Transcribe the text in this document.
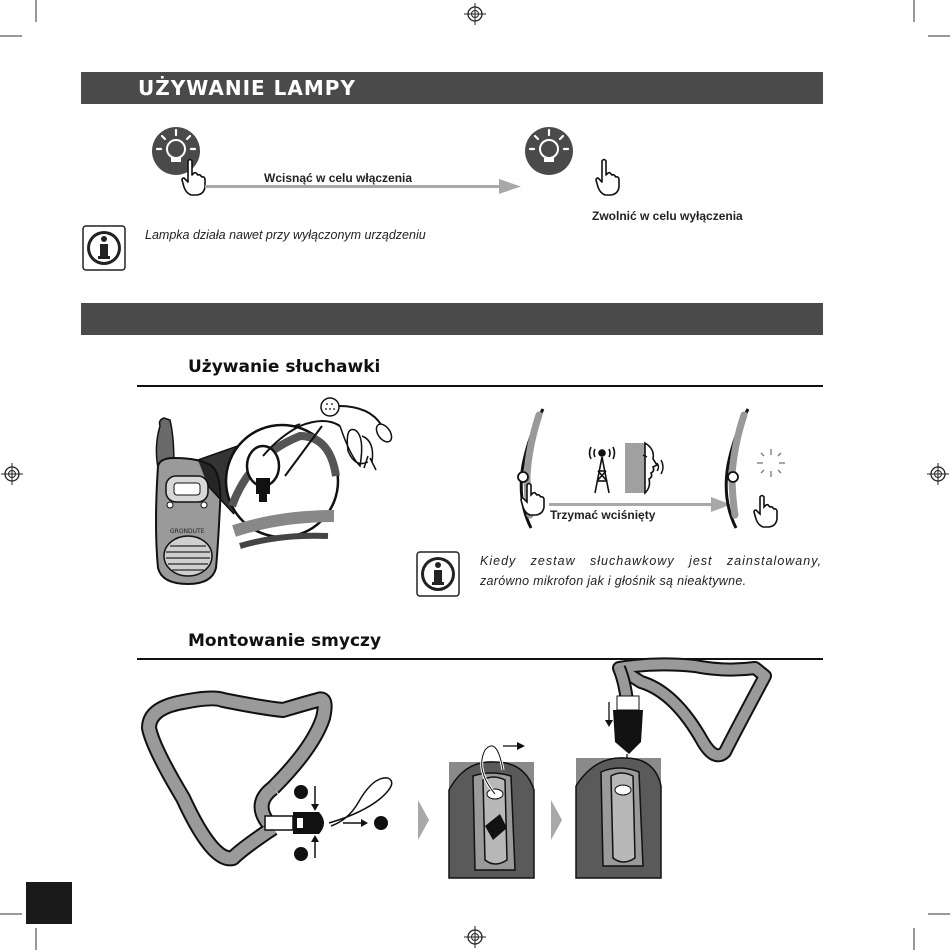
UŻYWANIE LAMPY
Wcisnąć w celu włączenia
Zwolnić w celu wyłączenia
Lampka działa nawet przy wyłączonym urządzeniu
Używanie słuchawki
GRONDUTE
Trzymać wciśnięty
Kiedy zestaw słuchawkowy jest zainstalowany,
zarówno mikrofon jak i głośnik są nieaktywne.
Montowanie smyczy
